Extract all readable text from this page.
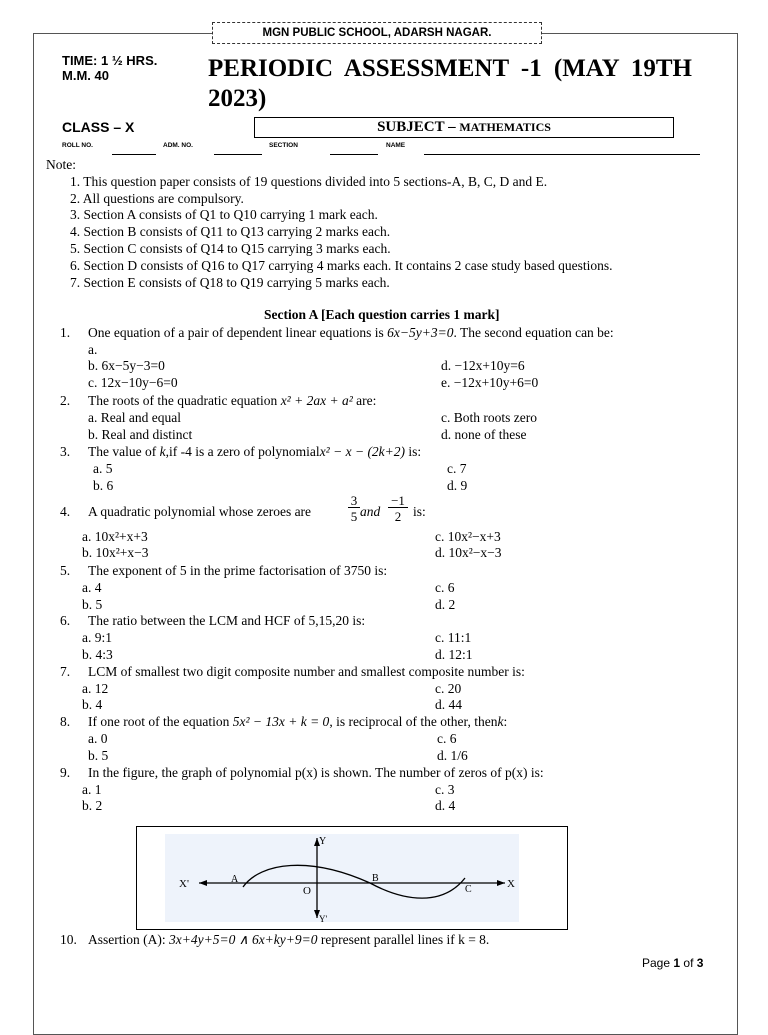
MGN PUBLIC SCHOOL, ADARSH NAGAR.
TIME: 1 ½ HRS.
M.M. 40	PERIODIC ASSESSMENT -1 (MAY 19TH 2023)
CLASS – X	SUBJECT – MATHEMATICS
ROLL NO.	ADM. NO.	SECTION	NAME
Note:
1. This question paper consists of 19 questions divided into 5 sections-A, B, C, D and E.
2. All questions are compulsory.
3. Section A consists of Q1 to Q10 carrying 1 mark each.
4. Section B consists of Q11 to Q13 carrying 2 marks each.
5. Section C consists of Q14 to Q15 carrying 3 marks each.
6. Section D consists of Q16 to Q17 carrying 4 marks each. It contains 2 case study based questions.
7. Section E consists of Q18 to Q19 carrying 5 marks each.
Section A [Each question carries 1 mark]
1. One equation of a pair of dependent linear equations is 6x−5y+3=0. The second equation can be:
a.
b. 6x−5y−3=0
c. 12x−10y−6=0
d. −12x+10y=6
e. −12x+10y+6=0
2. The roots of the quadratic equation x² + 2ax + a² are:
a. Real and equal
b. Real and distinct
c. Both roots zero
d. none of these
3. The value of k,if -4 is a zero of polynomialx² − x − (2k+2) is:
a. 5
b. 6
c. 7
d. 9
4. A quadratic polynomial whose zeroes are
3
5 and
−1
2 is:
a. 10x²+x+3
b. 10x²+x−3
c. 10x²−x+3
d. 10x²−x−3
5. The exponent of 5 in the prime factorisation of 3750 is:
a. 4
b. 5
c. 6
d. 2
6. The ratio between the LCM and HCF of 5,15,20 is:
a. 9:1
b. 4:3
c. 11:1
d. 12:1
7. LCM of smallest two digit composite number and smallest composite number is:
a. 12
b. 4
c. 20
d. 44
8. If one root of the equation 5x² − 13x + k = 0, is reciprocal of the other, thenk:
a. 0
b. 5
c. 6
d. 1/6
9. In the figure, the graph of polynomial p(x) is shown. The number of zeros of p(x) is:
a. 1
b. 2
c. 3
d. 4
X'	X
Y
Y'
O
A	B
C
10. Assertion (A): 3x+4y+5=0 ∧ 6x+ky+9=0 represent parallel lines if k = 8.
Page 1 of 3
